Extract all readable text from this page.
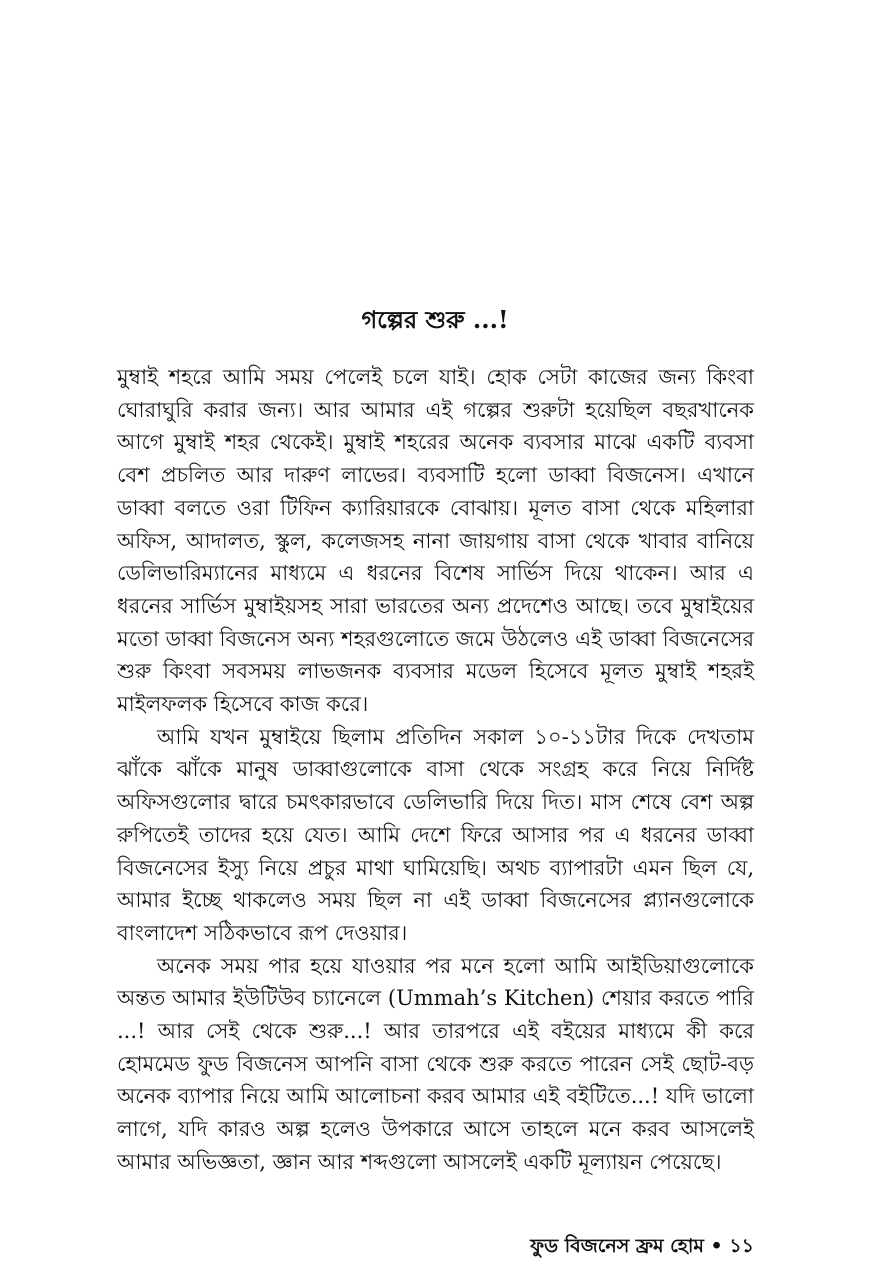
গল্পের শুরু ...!

মুম্বাই শহরে আমি সময় পেলেই চলে যাই। হোক সেটা কাজের জন্য কিংবা ঘোরাঘুরি করার জন্য। আর আমার এই গল্পের শুরুটা হয়েছিল বছরখানেক আগে মুম্বাই শহর থেকেই। মুম্বাই শহরের অনেক ব্যবসার মাঝে একটি ব্যবসা বেশ প্রচলিত আর দারুণ লাভের। ব্যবসাটি হলো ডাব্বা বিজনেস। এখানে ডাব্বা বলতে ওরা টিফিন ক্যারিয়ারকে বোঝায়। মূলত বাসা থেকে মহিলারা অফিস, আদালত, স্কুল, কলেজসহ নানা জায়গায় বাসা থেকে খাবার বানিয়ে ডেলিভারিম্যানের মাধ্যমে এ ধরনের বিশেষ সার্ভিস দিয়ে থাকেন। আর এ ধরনের সার্ভিস মুম্বাইয়সহ সারা ভারতের অন্য প্রদেশেও আছে। তবে মুম্বাইয়ের মতো ডাব্বা বিজনেস অন্য শহরগুলোতে জমে উঠলেও এই ডাব্বা বিজনেসের শুরু কিংবা সবসময় লাভজনক ব্যবসার মডেল হিসেবে মূলত মুম্বাই শহরই মাইলফলক হিসেবে কাজ করে।

আমি যখন মুম্বাইয়ে ছিলাম প্রতিদিন সকাল ১০-১১টার দিকে দেখতাম ঝাঁকে ঝাঁকে মানুষ ডাব্বাগুলোকে বাসা থেকে সংগ্রহ করে নিয়ে নির্দিষ্ট অফিসগুলোর দ্বারে চমৎকারভাবে ডেলিভারি দিয়ে দিত। মাস শেষে বেশ অল্প রুপিতেই তাদের হয়ে যেত। আমি দেশে ফিরে আসার পর এ ধরনের ডাব্বা বিজনেসের ইস্যু নিয়ে প্রচুর মাথা ঘামিয়েছি। অথচ ব্যাপারটা এমন ছিল যে, আমার ইচ্ছে থাকলেও সময় ছিল না এই ডাব্বা বিজনেসের প্ল্যানগুলোকে বাংলাদেশ সঠিকভাবে রূপ দেওয়ার।

অনেক সময় পার হয়ে যাওয়ার পর মনে হলো আমি আইডিয়াগুলোকে অন্তত আমার ইউটিউব চ্যানেলে (Ummah’s Kitchen) শেয়ার করতে পারি ...! আর সেই থেকে শুরু...! আর তারপরে এই বইয়ের মাধ্যমে কী করে হোমমেড ফুড বিজনেস আপনি বাসা থেকে শুরু করতে পারেন সেই ছোট-বড় অনেক ব্যাপার নিয়ে আমি আলোচনা করব আমার এই বইটিতে...! যদি ভালো লাগে, যদি কারও অল্প হলেও উপকারে আসে তাহলে মনে করব আসলেই আমার অভিজ্ঞতা, জ্ঞান আর শব্দগুলো আসলেই একটি মূল্যায়ন পেয়েছে।

ফুড বিজনেস ফ্রম হোম • ১১
